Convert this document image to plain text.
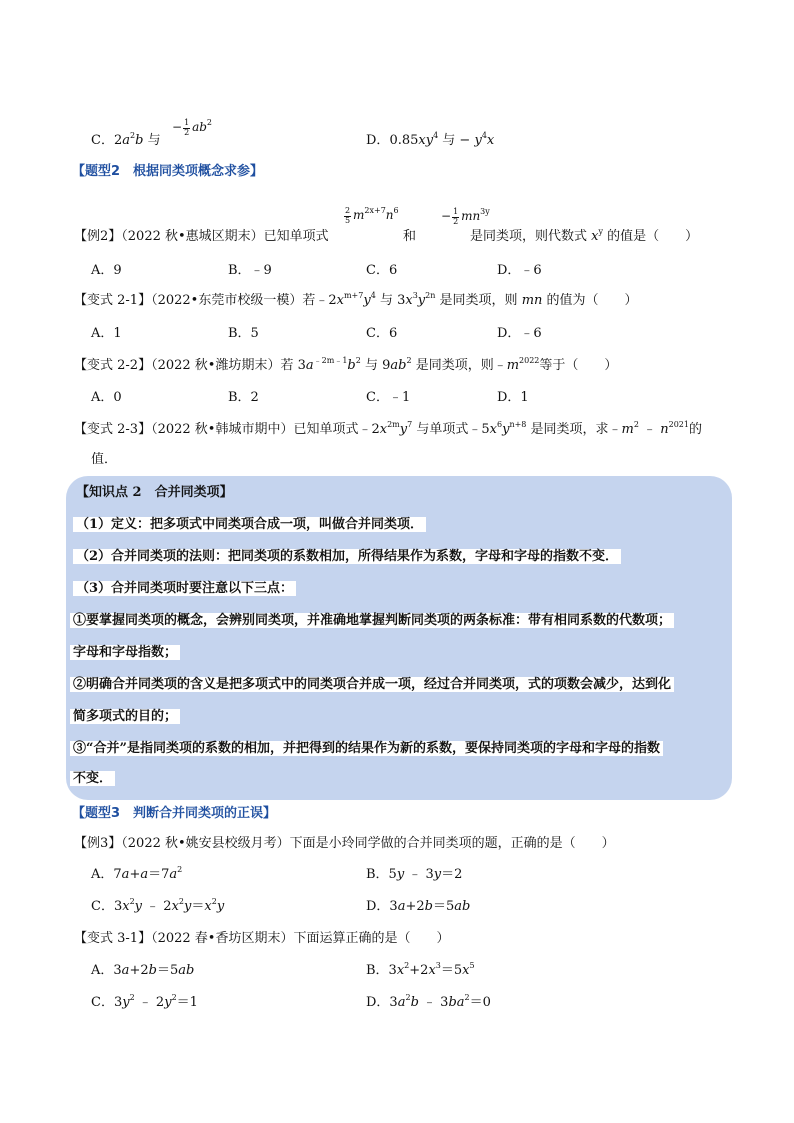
C．$2a^2b$ 与
− $\frac{1}{2} ab^2$
D．$0.85xy^4$ 与 − $y^4x$
【题型2　根据同类项概念求参】
$\frac{2}{5} m^{2x+7}n^6$	− $\frac{1}{2} mn^{3y}$
【例2】（2022 秋•惠城区期末）已知单项式	和	是同类项，则代数式 $x^y$ 的值是（　　）
A．9	B．﹣9	C．6	D．﹣6
【变式 2-1】（2022•东莞市校级一模）若$﹣2x^{m+7}y^4$ 与 $3x^3y^{2n}$ 是同类项，则 mn 的值为（　　）
A．1	B．5	C．6	D．﹣6
【变式 2-2】（2022 秋•潍坊期末）若 $3a^{﹣2m﹣1}b^2$ 与 $9ab^2$ 是同类项，则$﹣m^{2022}$等于（　　）
A．0	B．2	C．﹣1	D．1
【变式 2-3】（2022 秋•韩城市期中）已知单项式$﹣2x^{2m}y^7$ 与单项式$﹣5x^6y^{n+8}$ 是同类项，求$﹣m^2$ ﹣ $n^{2021}$的
值．
【知识点 2　合并同类项】
（1）定义：把多项式中同类项合成一项，叫做合并同类项．
（2）合并同类项的法则：把同类项的系数相加，所得结果作为系数，字母和字母的指数不变．
（3）合并同类项时要注意以下三点：
①要掌握同类项的概念，会辨别同类项，并准确地掌握判断同类项的两条标准：带有相同系数的代数项；
字母和字母指数；
②明确合并同类项的含义是把多项式中的同类项合并成一项，经过合并同类项，式的项数会减少，达到化
简多项式的目的；
③“合并”是指同类项的系数的相加，并把得到的结果作为新的系数，要保持同类项的字母和字母的指数
不变．
【题型3　判断合并同类项的正误】
【例3】（2022 秋•姚安县校级月考）下面是小玲同学做的合并同类项的题，正确的是（　　）
A．$7a+a=7a^2$	B．5y ﹣ 3y＝2
C．$3x^2y$ ﹣ $2x^2y=x^2y$	D．3a+2b＝5ab
【变式 3-1】（2022 春•香坊区期末）下面运算正确的是（　　）
A．3a+2b＝5ab	B．$3x^2+2x^3=5x^5$
C．$3y^2$ ﹣ $2y^2=1$	D．$3a^2b$ ﹣ $3ba^2=0$
